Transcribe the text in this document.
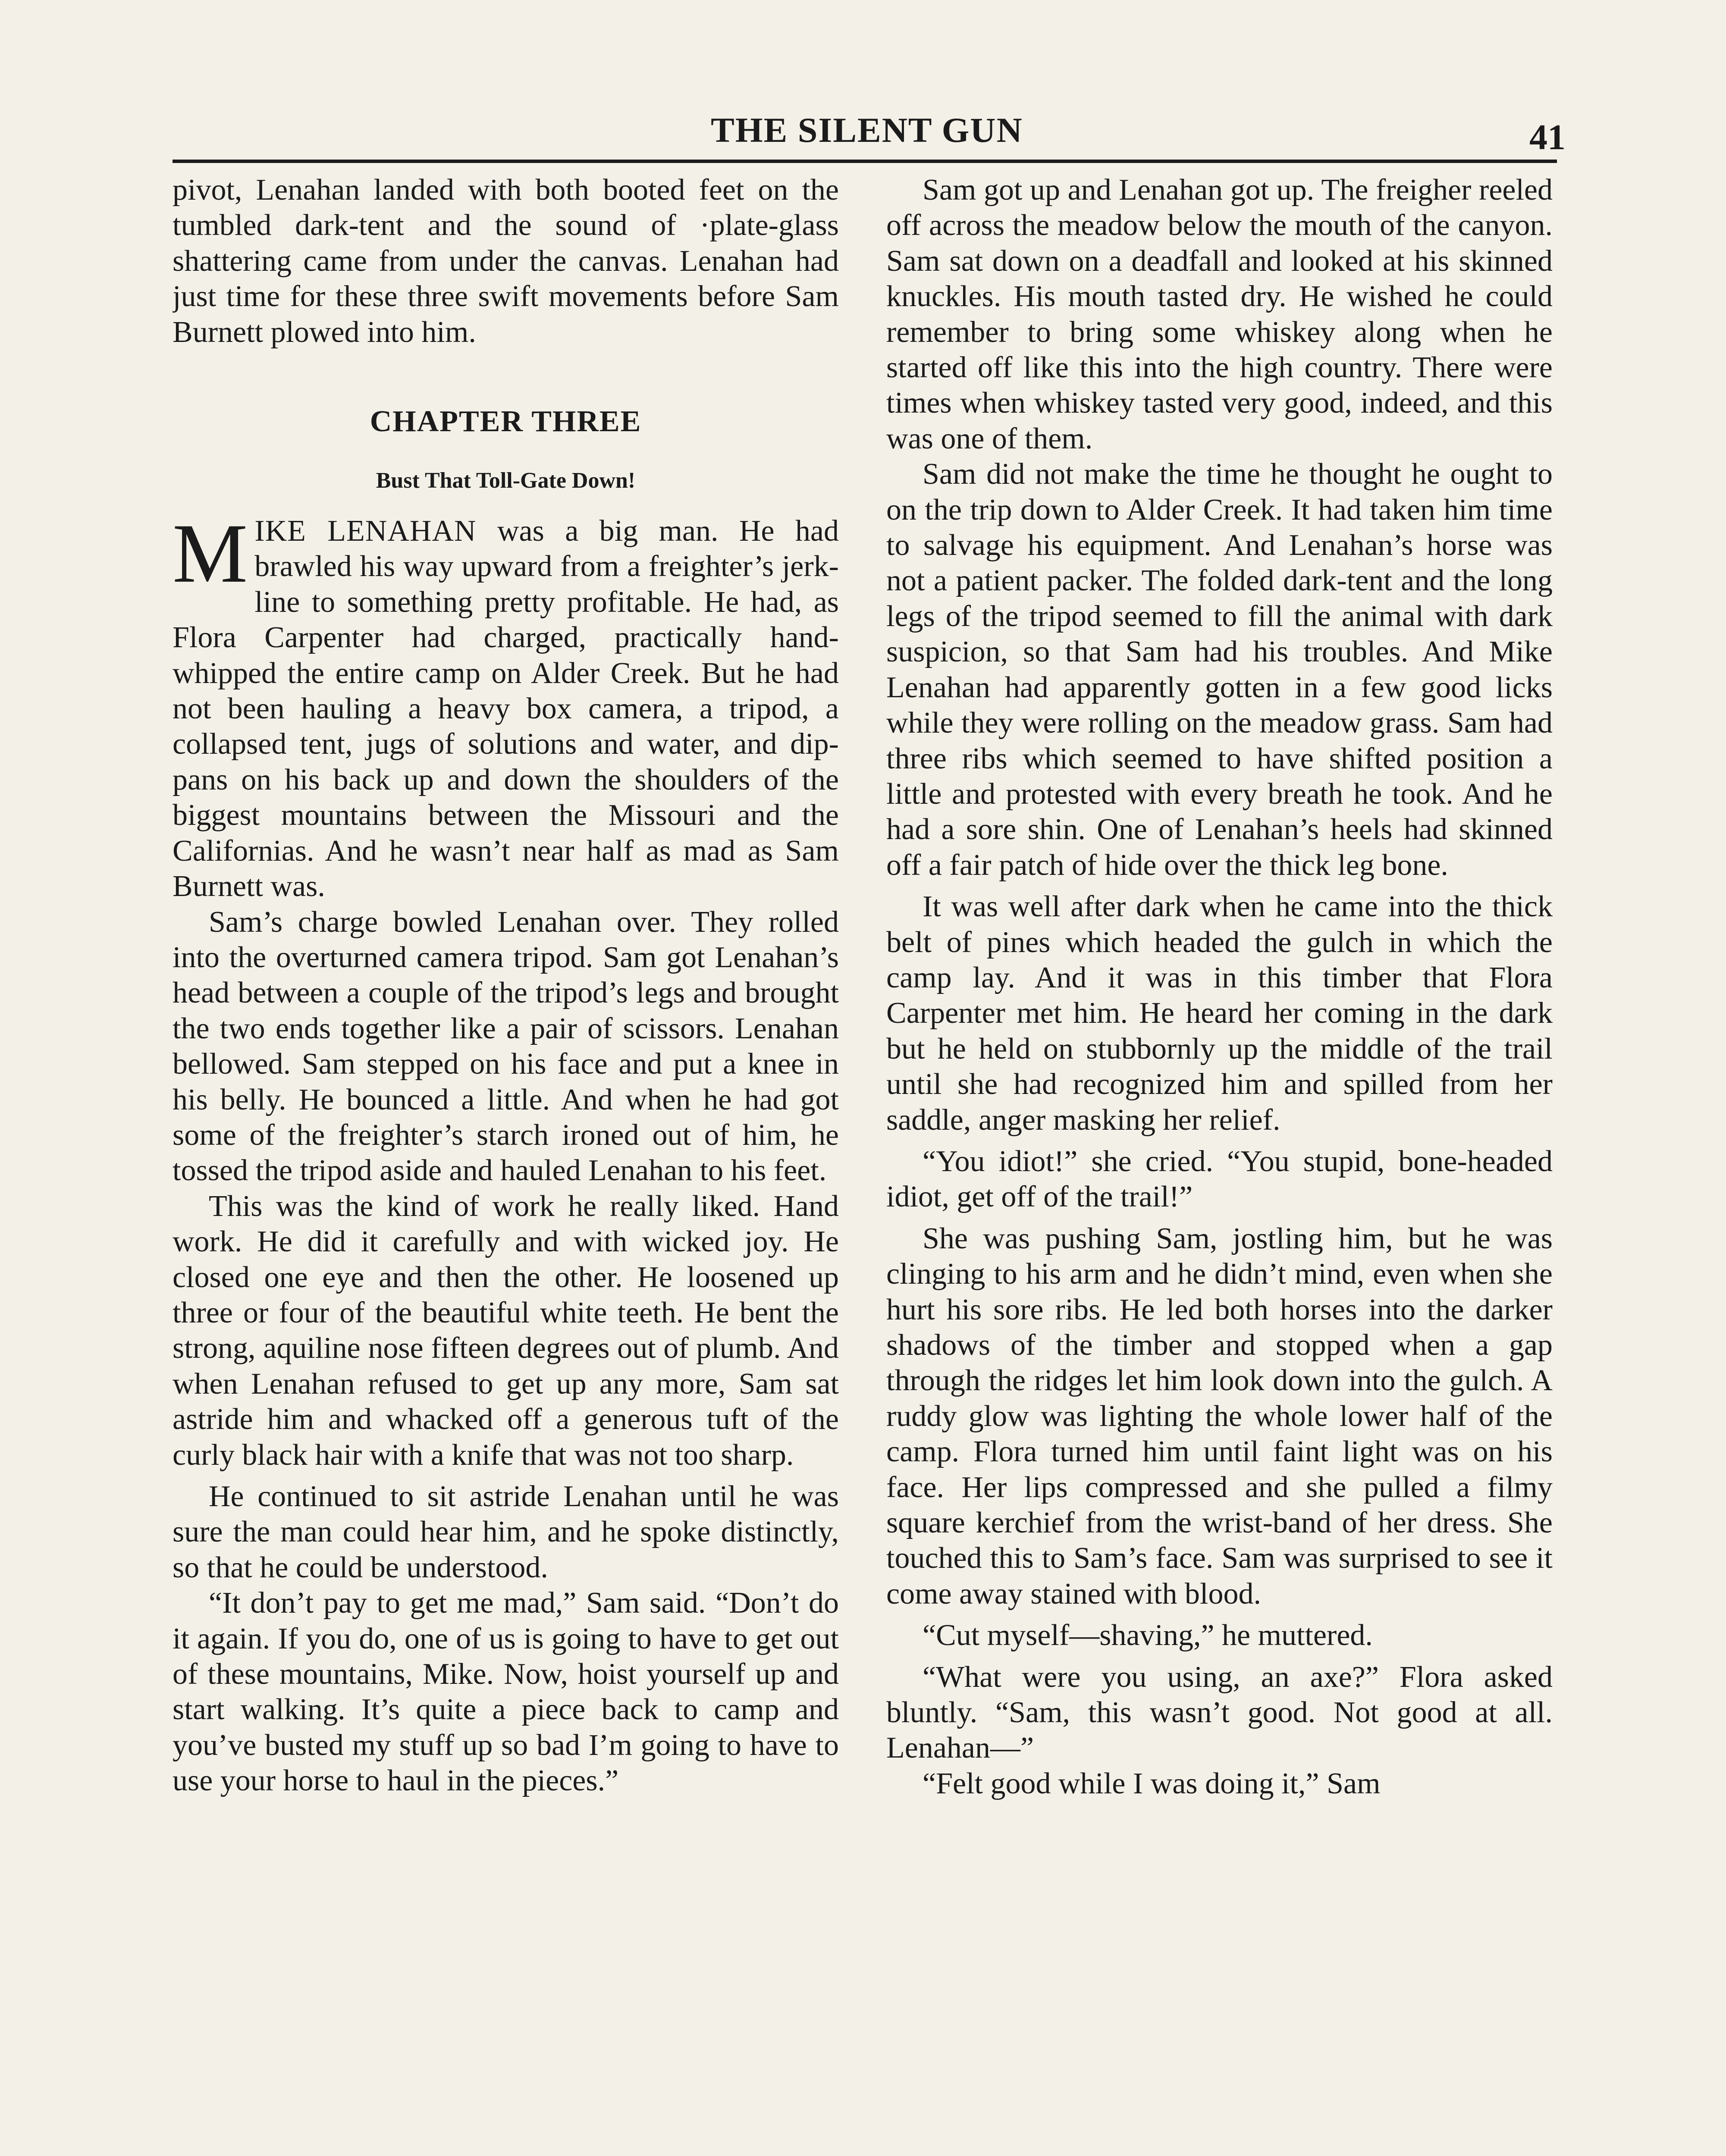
THE SILENT GUN	41

pivot, Lenahan landed with both booted feet on the tumbled dark-tent and the sound of ·plate-glass shattering came from under the canvas. Lenahan had just time for these three swift movements before Sam Burnett plowed into him.

CHAPTER THREE
Bust That Toll-Gate Down!

MIKE LENAHAN was a big man. He had brawled his way upward from a freighter’s jerk-line to something pretty profitable. He had, as Flora Carpenter had charged, practically hand-whipped the entire camp on Alder Creek. But he had not been hauling a heavy box camera, a tripod, a collapsed tent, jugs of solutions and water, and dip-pans on his back up and down the shoulders of the biggest mountains between the Missouri and the Californias. And he wasn’t near half as mad as Sam Burnett was.

Sam’s charge bowled Lenahan over. They rolled into the overturned camera tripod. Sam got Lenahan’s head between a couple of the tripod’s legs and brought the two ends together like a pair of scissors. Lenahan bellowed. Sam stepped on his face and put a knee in his belly. He bounced a little. And when he had got some of the freighter’s starch ironed out of him, he tossed the tripod aside and hauled Lenahan to his feet.

This was the kind of work he really liked. Hand work. He did it carefully and with wicked joy. He closed one eye and then the other. He loosened up three or four of the beautiful white teeth. He bent the strong, aquiline nose fifteen degrees out of plumb. And when Lenahan refused to get up any more, Sam sat astride him and whacked off a generous tuft of the curly black hair with a knife that was not too sharp.

He continued to sit astride Lenahan until he was sure the man could hear him, and he spoke distinctly, so that he could be understood.

“It don’t pay to get me mad,” Sam said. “Don’t do it again. If you do, one of us is going to have to get out of these mountains, Mike. Now, hoist yourself up and start walking. It’s quite a piece back to camp and you’ve busted my stuff up so bad I’m going to have to use your horse to haul in the pieces.”

Sam got up and Lenahan got up. The freigher reeled off across the meadow below the mouth of the canyon. Sam sat down on a deadfall and looked at his skinned knuckles. His mouth tasted dry. He wished he could remember to bring some whiskey along when he started off like this into the high country. There were times when whiskey tasted very good, indeed, and this was one of them.

Sam did not make the time he thought he ought to on the trip down to Alder Creek. It had taken him time to salvage his equipment. And Lenahan’s horse was not a patient packer. The folded dark-tent and the long legs of the tripod seemed to fill the animal with dark suspicion, so that Sam had his troubles. And Mike Lenahan had apparently gotten in a few good licks while they were rolling on the meadow grass. Sam had three ribs which seemed to have shifted position a little and protested with every breath he took. And he had a sore shin. One of Lenahan’s heels had skinned off a fair patch of hide over the thick leg bone.

It was well after dark when he came into the thick belt of pines which headed the gulch in which the camp lay. And it was in this timber that Flora Carpenter met him. He heard her coming in the dark but he held on stubbornly up the middle of the trail until she had recognized him and spilled from her saddle, anger masking her relief.

“You idiot!” she cried. “You stupid, bone-headed idiot, get off of the trail!”

She was pushing Sam, jostling him, but he was clinging to his arm and he didn’t mind, even when she hurt his sore ribs. He led both horses into the darker shadows of the timber and stopped when a gap through the ridges let him look down into the gulch. A ruddy glow was lighting the whole lower half of the camp. Flora turned him until faint light was on his face. Her lips compressed and she pulled a filmy square kerchief from the wrist-band of her dress. She touched this to Sam’s face. Sam was surprised to see it come away stained with blood.

“Cut myself—shaving,” he muttered.

“What were you using, an axe?” Flora asked bluntly. “Sam, this wasn’t good. Not good at all. Lenahan—”

“Felt good while I was doing it,” Sam
